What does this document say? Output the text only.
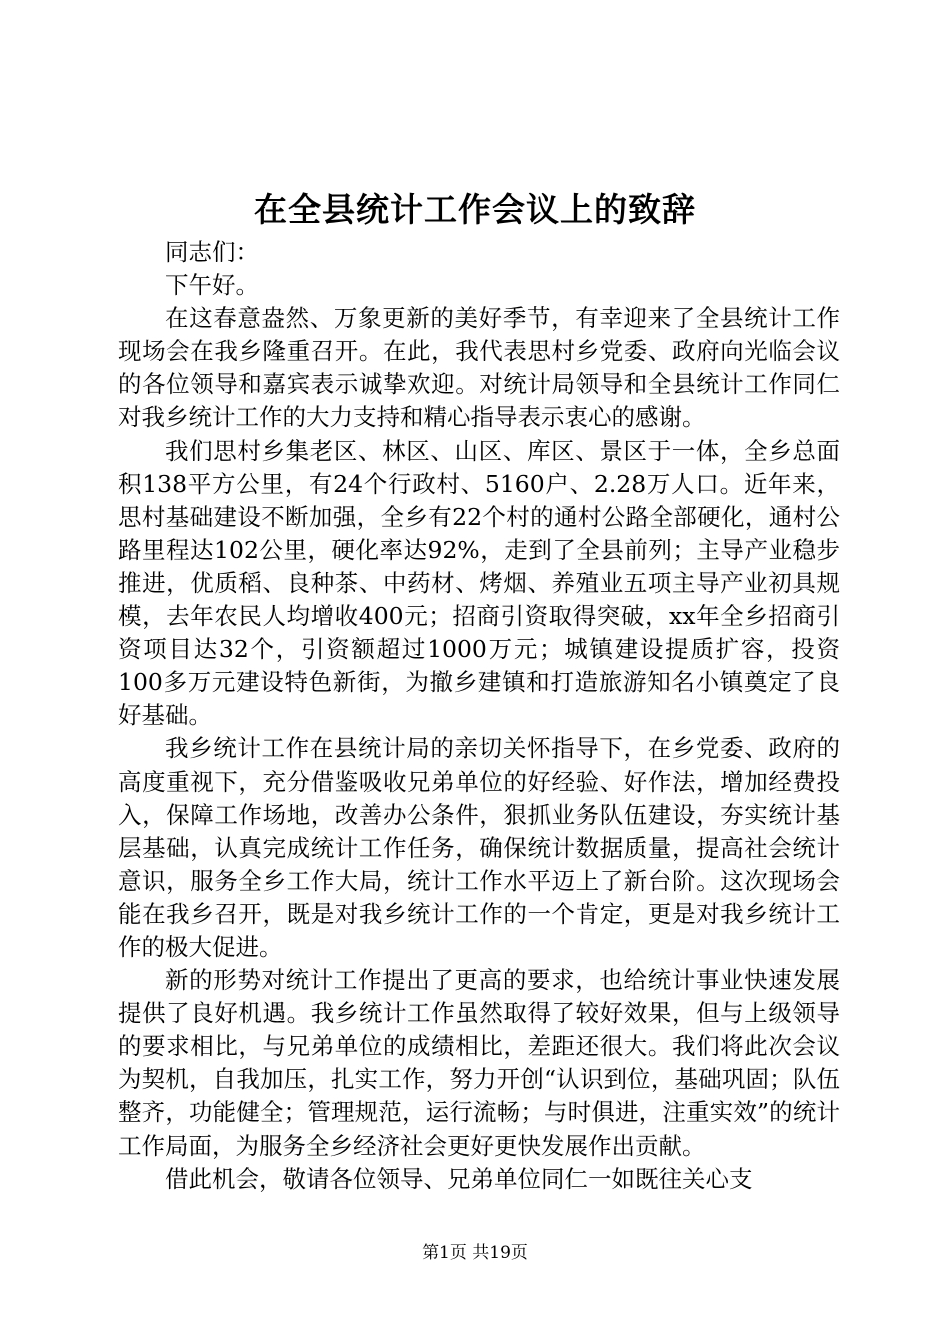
在全县统计工作会议上的致辞

同志们：

下午好。

在这春意盎然、万象更新的美好季节，有幸迎来了全县统计工作现场会在我乡隆重召开。在此，我代表思村乡党委、政府向光临会议的各位领导和嘉宾表示诚挚欢迎。对统计局领导和全县统计工作同仁对我乡统计工作的大力支持和精心指导表示衷心的感谢。

我们思村乡集老区、林区、山区、库区、景区于一体，全乡总面积138平方公里，有24个行政村、5160户、2.28万人口。近年来，思村基础建设不断加强，全乡有22个村的通村公路全部硬化，通村公路里程达102公里，硬化率达92%，走到了全县前列；主导产业稳步推进，优质稻、良种茶、中药材、烤烟、养殖业五项主导产业初具规模，去年农民人均增收400元；招商引资取得突破，xx年全乡招商引资项目达32个，引资额超过1000万元；城镇建设提质扩容，投资100多万元建设特色新街，为撤乡建镇和打造旅游知名小镇奠定了良好基础。

我乡统计工作在县统计局的亲切关怀指导下，在乡党委、政府的高度重视下，充分借鉴吸收兄弟单位的好经验、好作法，增加经费投入，保障工作场地，改善办公条件，狠抓业务队伍建设，夯实统计基层基础，认真完成统计工作任务，确保统计数据质量，提高社会统计意识，服务全乡工作大局，统计工作水平迈上了新台阶。这次现场会能在我乡召开，既是对我乡统计工作的一个肯定，更是对我乡统计工作的极大促进。

新的形势对统计工作提出了更高的要求，也给统计事业快速发展提供了良好机遇。我乡统计工作虽然取得了较好效果，但与上级领导的要求相比，与兄弟单位的成绩相比，差距还很大。我们将此次会议为契机，自我加压，扎实工作，努力开创“认识到位，基础巩固；队伍整齐，功能健全；管理规范，运行流畅；与时俱进，注重实效”的统计工作局面，为服务全乡经济社会更好更快发展作出贡献。

借此机会，敬请各位领导、兄弟单位同仁一如既往关心支

第1页 共19页
